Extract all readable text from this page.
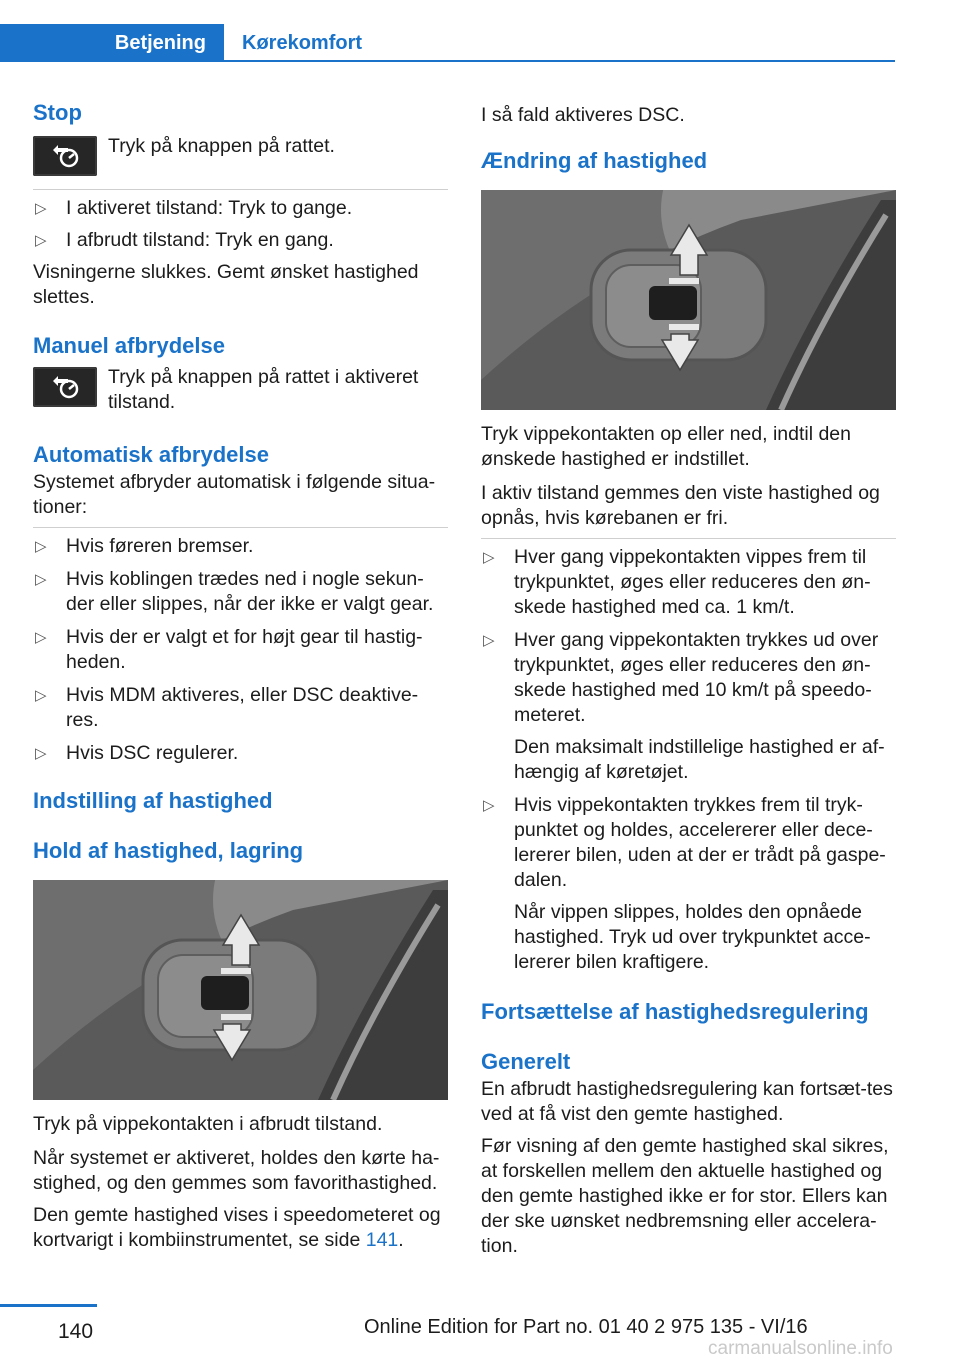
Betjening	Kørekomfort
Stop

Tryk på knappen på rattet.

▷ I aktiveret tilstand: Tryk to gange.
▷ I afbrudt tilstand: Tryk en gang.

Visningerne slukkes. Gemt ønsket hastighed slettes.

Manuel afbrydelse

Tryk på knappen på rattet i aktiveret tilstand.

Automatisk afbrydelse

Systemet afbryder automatisk i følgende situa-tioner:

▷ Hvis føreren bremser.
▷ Hvis koblingen trædes ned i nogle sekun-der eller slippes, når der ikke er valgt gear.
▷ Hvis der er valgt et for højt gear til hastig-heden.
▷ Hvis MDM aktiveres, eller DSC deaktive-res.
▷ Hvis DSC regulerer.
Indstilling af hastighed
Hold af hastighed, lagring

Tryk på vippekontakten i afbrudt tilstand.

Når systemet er aktiveret, holdes den kørte ha-stighed, og den gemmes som favorithastighed.

Den gemte hastighed vises i speedometeret og kortvarigt i kombiinstrumentet, se side 141.

I så fald aktiveres DSC.

Ændring af hastighed

Tryk vippekontakten op eller ned, indtil den ønskede hastighed er indstillet.

I aktiv tilstand gemmes den viste hastighed og opnås, hvis kørebanen er fri.

▷ Hver gang vippekontakten vippes frem til trykpunktet, øges eller reduceres den øn-skede hastighed med ca. 1 km/t.
▷ Hver gang vippekontakten trykkes ud over trykpunktet, øges eller reduceres den øn-skede hastighed med 10 km/t på speedo-meteret.

Den maksimalt indstillelige hastighed er af-hængig af køretøjet.

▷ Hvis vippekontakten trykkes frem til tryk-punktet og holdes, accelererer eller dece-lererer bilen, uden at der er trådt på gaspe-dalen.

Når vippen slippes, holdes den opnåede hastighed. Tryk ud over trykpunktet acce-lererer bilen kraftigere.

Fortsættelse af hastighedsregulering
Generelt

En afbrudt hastighedsregulering kan fortsæt-tes ved at få vist den gemte hastighed.

Før visning af den gemte hastighed skal sikres, at forskellen mellem den aktuelle hastighed og den gemte hastighed ikke er for stor. Ellers kan der ske uønsket nedbremsning eller accelera-tion.

140	Online Edition for Part no. 01 40 2 975 135 - VI/16
carmanualsonline.info
